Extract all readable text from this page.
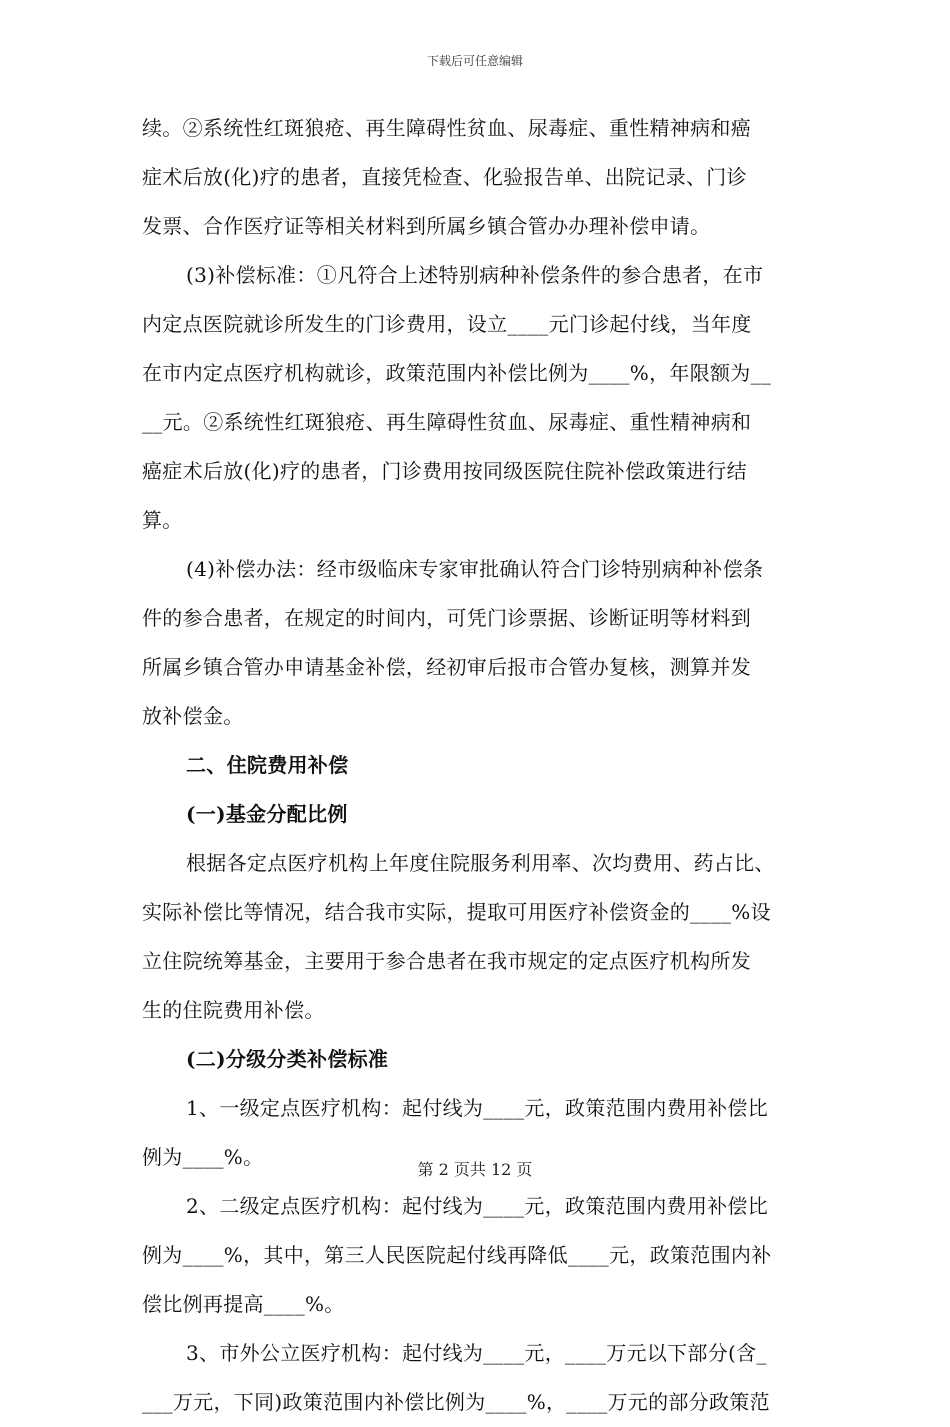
下载后可任意编辑

续。②系统性红斑狼疮、再生障碍性贫血、尿毒症、重性精神病和癌

症术后放(化)疗的患者，直接凭检查、化验报告单、出院记录、门诊

发票、合作医疗证等相关材料到所属乡镇合管办办理补偿申请。

(3)补偿标准：①凡符合上述特别病种补偿条件的参合患者，在市

内定点医院就诊所发生的门诊费用，设立____元门诊起付线，当年度

在市内定点医疗机构就诊，政策范围内补偿比例为____%，年限额为__

__元。②系统性红斑狼疮、再生障碍性贫血、尿毒症、重性精神病和

癌症术后放(化)疗的患者，门诊费用按同级医院住院补偿政策进行结

算。

(4)补偿办法：经市级临床专家审批确认符合门诊特别病种补偿条

件的参合患者，在规定的时间内，可凭门诊票据、诊断证明等材料到

所属乡镇合管办申请基金补偿，经初审后报市合管办复核，测算并发

放补偿金。

二、住院费用补偿

(一)基金分配比例

根据各定点医疗机构上年度住院服务利用率、次均费用、药占比、

实际补偿比等情况，结合我市实际，提取可用医疗补偿资金的____%设

立住院统筹基金，主要用于参合患者在我市规定的定点医疗机构所发

生的住院费用补偿。

(二)分级分类补偿标准

1、一级定点医疗机构：起付线为____元，政策范围内费用补偿比

例为____%。

2、二级定点医疗机构：起付线为____元，政策范围内费用补偿比

例为____%，其中，第三人民医院起付线再降低____元，政策范围内补

偿比例再提高____%。

3、市外公立医疗机构：起付线为____元，____万元以下部分(含_

___万元，下同)政策范围内补偿比例为____%，____万元的部分政策范

第 2 页共 12 页
